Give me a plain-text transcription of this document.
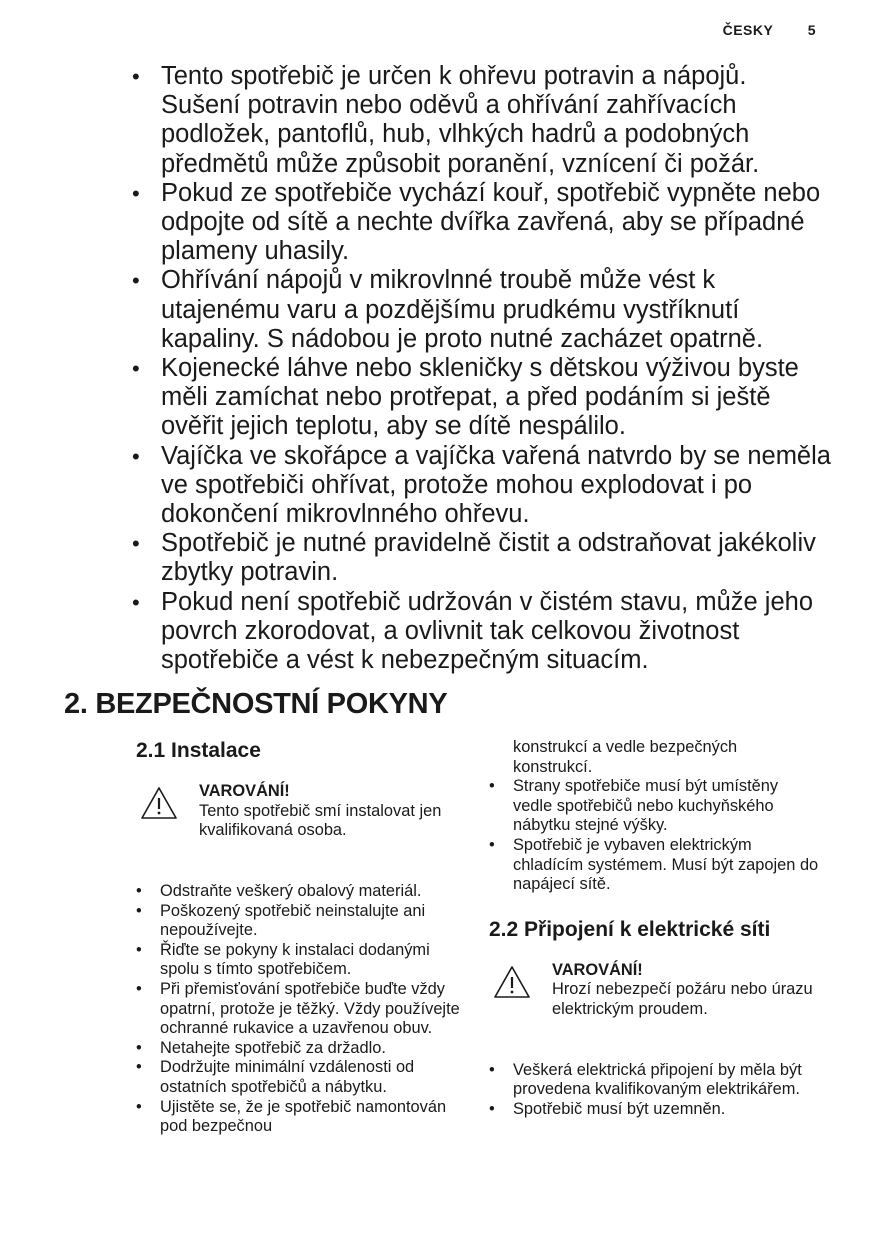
ČESKY 5
• Tento spotřebič je určen k ohřevu potravin a nápojů. Sušení potravin nebo oděvů a ohřívání zahřívacích podložek, pantoflů, hub, vlhkých hadrů a podobných předmětů může způsobit poranění, vznícení či požár.
• Pokud ze spotřebiče vychází kouř, spotřebič vypněte nebo odpojte od sítě a nechte dvířka zavřená, aby se případné plameny uhasily.
• Ohřívání nápojů v mikrovlnné troubě může vést k utajenému varu a pozdějšímu prudkému vystříknutí kapaliny. S nádobou je proto nutné zacházet opatrně.
• Kojenecké láhve nebo skleničky s dětskou výživou byste měli zamíchat nebo protřepat, a před podáním si ještě ověřit jejich teplotu, aby se dítě nespálilo.
• Vajíčka ve skořápce a vajíčka vařená natvrdo by se neměla ve spotřebiči ohřívat, protože mohou explodovat i po dokončení mikrovlnného ohřevu.
• Spotřebič je nutné pravidelně čistit a odstraňovat jakékoliv zbytky potravin.
• Pokud není spotřebič udržován v čistém stavu, může jeho povrch zkorodovat, a ovlivnit tak celkovou životnost spotřebiče a vést k nebezpečným situacím.
2. BEZPEČNOSTNÍ POKYNY
2.1 Instalace
VAROVÁNÍ!
Tento spotřebič smí instalovat jen kvalifikovaná osoba.
• Odstraňte veškerý obalový materiál.
• Poškozený spotřebič neinstalujte ani nepoužívejte.
• Řiďte se pokyny k instalaci dodanými spolu s tímto spotřebičem.
• Při přemisťování spotřebiče buďte vždy opatrní, protože je těžký. Vždy používejte ochranné rukavice a uzavřenou obuv.
• Netahejte spotřebič za držadlo.
• Dodržujte minimální vzdálenosti od ostatních spotřebičů a nábytku.
• Ujistěte se, že je spotřebič namontován pod bezpečnou
konstrukcí a vedle bezpečných konstrukcí.
• Strany spotřebiče musí být umístěny vedle spotřebičů nebo kuchyňského nábytku stejné výšky.
• Spotřebič je vybaven elektrickým chladícím systémem. Musí být zapojen do napájecí sítě.
2.2 Připojení k elektrické síti
VAROVÁNÍ!
Hrozí nebezpečí požáru nebo úrazu elektrickým proudem.
• Veškerá elektrická připojení by měla být provedena kvalifikovaným elektrikářem.
• Spotřebič musí být uzemněn.
